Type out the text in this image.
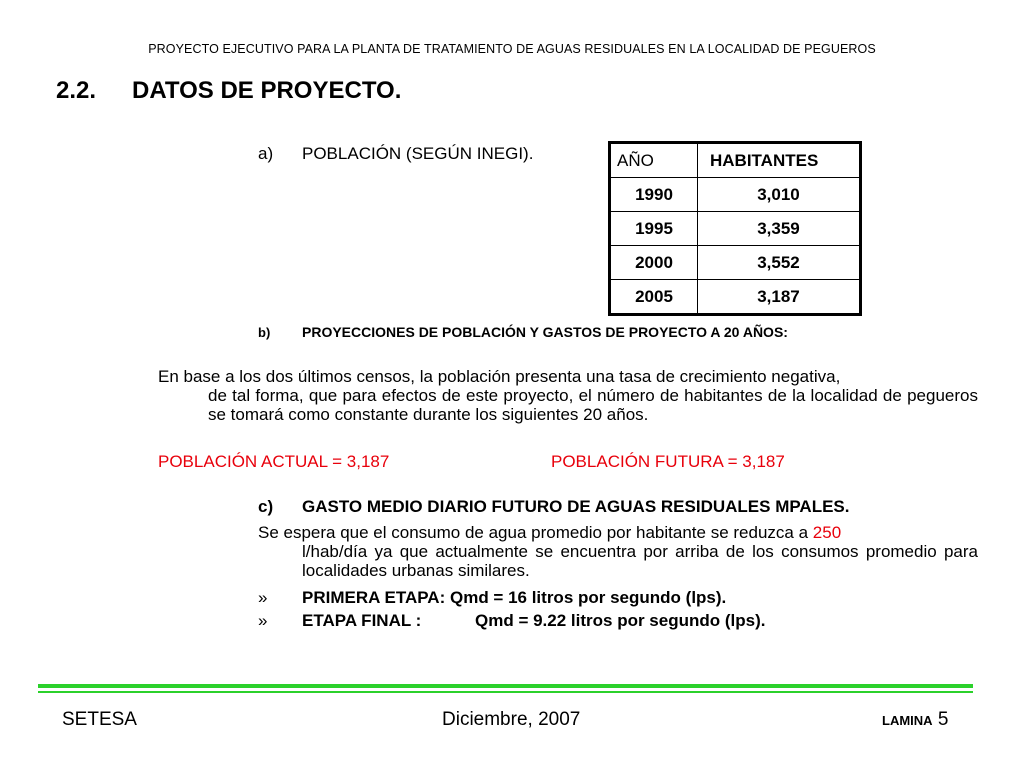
PROYECTO EJECUTIVO PARA LA PLANTA DE TRATAMIENTO DE AGUAS RESIDUALES EN LA LOCALIDAD DE PEGUEROS
2.2. DATOS DE PROYECTO.
a) POBLACIÓN (SEGÚN INEGI).	AÑO	HABITANTES
1990	3,010
1995	3,359
2000	3,552
2005	3,187
b) PROYECCIONES DE POBLACIÓN Y GASTOS DE PROYECTO A 20 AÑOS:
En base a los dos últimos censos, la población presenta una tasa de crecimiento negativa,
de tal forma, que para efectos de este proyecto, el número de habitantes de la localidad de pegueros se tomará como constante durante los siguientes 20 años.
POBLACIÓN ACTUAL = 3,187	POBLACIÓN FUTURA = 3,187
c) GASTO MEDIO DIARIO FUTURO DE AGUAS RESIDUALES MPALES.
Se espera que el consumo de agua promedio por habitante se reduzca a 250
l/hab/día ya que actualmente se encuentra por arriba de los consumos promedio para localidades urbanas similares.
» PRIMERA ETAPA: Qmd = 16 litros por segundo (lps).
» ETAPA FINAL :	Qmd = 9.22 litros por segundo (lps).
SETESA	Diciembre, 2007	LAMINA 5
